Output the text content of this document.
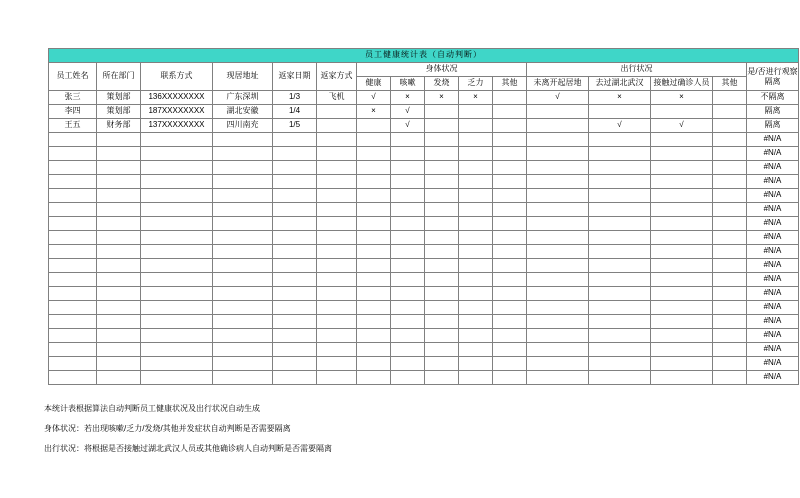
员工健康统计表（自动判断）															
员工姓名	所在部门	联系方式	现居地址	返家日期	返家方式	身体状况					出行状况				是/否进行观察隔离
						健康	咳嗽	发烧	乏力	其他	未离开起居地	去过湖北武汉	接触过确诊人员	其他	
张三	策划部	136XXXXXXXX	广东深圳	1/3	飞机	√	×	×	×		√	×	×		不隔离
李四	策划部	187XXXXXXXX	湖北安徽	1/4		×	√								隔离
王五	财务部	137XXXXXXXX	四川南充	1/5			√					√	√		隔离
															#N/A
															#N/A
															#N/A
															#N/A
															#N/A
															#N/A
															#N/A
															#N/A
															#N/A
															#N/A
															#N/A
															#N/A
															#N/A
															#N/A
															#N/A
															#N/A
															#N/A
															#N/A
本统计表根据算法自动判断员工健康状况及出行状况自动生成
身体状况：若出现咳嗽/乏力/发烧/其他并发症状自动判断是否需要隔离
出行状况：将根据是否接触过湖北武汉人员或其他确诊病人自动判断是否需要隔离
